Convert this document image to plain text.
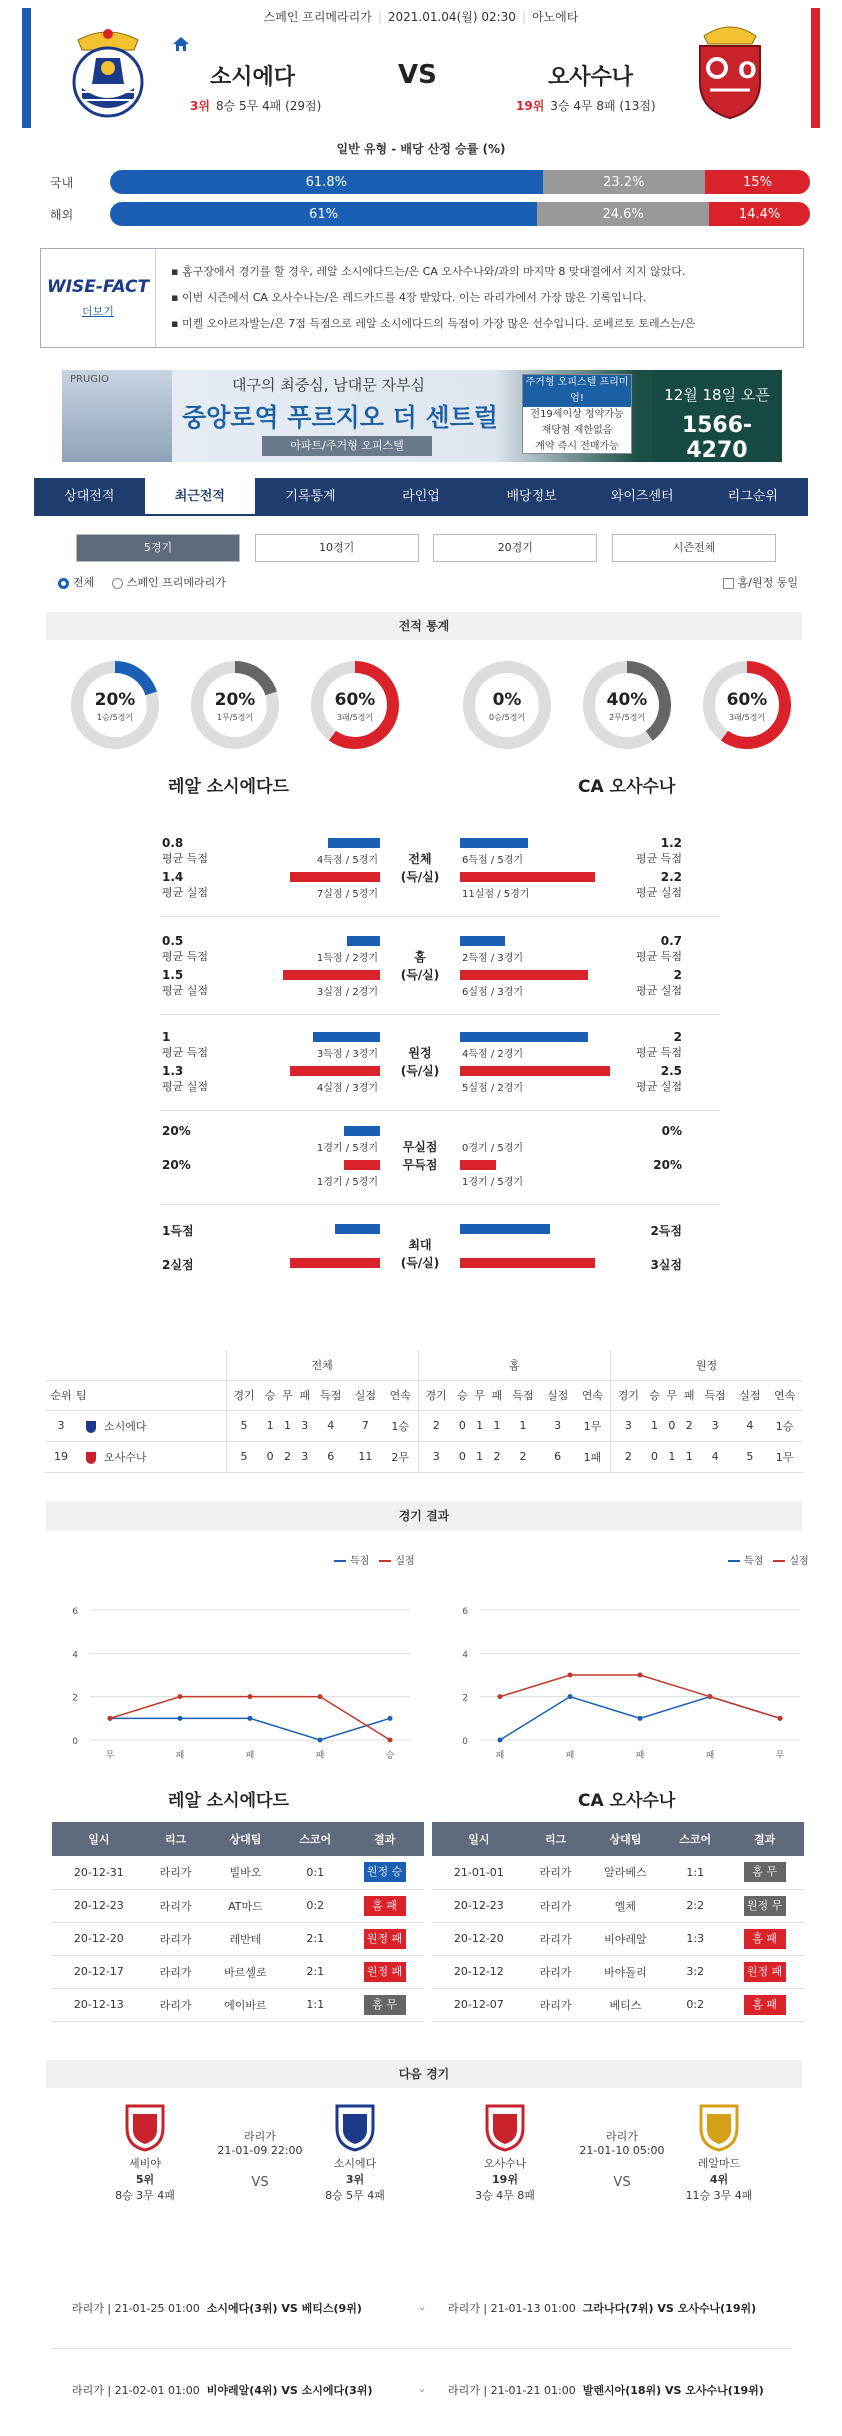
스페인 프리메라리가 | 2021.01.04(월) 02:30 | 아노에타
소시에다	VS	오사수나
3위 8승 5무 4패 (29점)	19위 3승 4무 8패 (13점)
O
일반 유형 - 배당 산정 승률 (%)
국내	61.8%	23.2%	15%
해외	61%	24.6%	14.4%
WISE-FACT
더보기
▪ 홈구장에서 경기를 할 경우, 레알 소시에다드는/은 CA 오사수나와/과의 마지막 8 맞대결에서 지지 않았다.
▪ 이번 시즌에서 CA 오사수나는/은 레드카드를 4장 받았다. 이는 라리가에서 가장 많은 기록입니다.
▪ 미켈 오야르자발는/은 7점 득점으로 레알 소시에다드의 득점이 가장 많은 선수입니다. 로베르토 토레스는/은
PRUGIO	대구의 최중심, 남대문 자부심
중앙로역 푸르지오 더 센트럴
아파트/주거형 오피스텔
주거형 오피스텔 프리미엄!
전19세이상 청약가능
재당첨 제한없음
계약 즉시 전매가능
12월 18일 오픈
1566-4270
상대전적	최근전적	기록통계	라인업	배당정보	와이즈센터	리그순위
5경기	10경기	20경기	시즌전체
전체	스페인 프리메라리가	홈/원정 동일
전적 통계
20%
1승/5경기
20%
1무/5경기
60%
3패/5경기
0%
0승/5경기
40%
2무/5경기
60%
3패/5경기
레알 소시에다드	CA 오사수나
전체
(득/실)
0.8
평균 득점
1.2
평균 득점
4득점 / 5경기	6득점 / 5경기
1.4
평균 실점
2.2
평균 실점
7실점 / 5경기	11실점 / 5경기
홈
(득/실)
0.5
평균 득점
0.7
평균 득점
1득점 / 2경기	2득점 / 3경기
1.5
평균 실점
2
평균 실점
3실점 / 2경기	6실점 / 3경기
원정
(득/실)
1
평균 득점
2
평균 득점
3득점 / 3경기	4득점 / 2경기
1.3
평균 실점
2.5
평균 실점
4실점 / 3경기	5실점 / 2경기
무실점
무득점
20%	0%
1경기 / 5경기	0경기 / 5경기
20%	20%
1경기 / 5경기	1경기 / 5경기
최대
(득/실)
1득점	2득점
2실점	3실점
		전체							홈							원정						
순위	팀	경기	승	무	패	득점	실점	연속	경기	승	무	패	득점	실점	연속	경기	승	무	패	득점	실점	연속
3	소시에다	5	1	1	3	4	7	1승	2	0	1	1	1	3	1무	3	1	0	2	3	4	1승
19	오사수나	5	0	2	3	6	11	2무	3	0	1	2	2	6	1패	2	0	1	1	4	5	1무
경기 결과
득점	실점	득점	실점
0
2
4
6
무	패	패	패	승
0
2
4
6
패	패	패	패	무
레알 소시에다드	CA 오사수나
일시	리그	상대팀	스코어	결과
20-12-31	라리가	빌바오	0:1	원정 승
20-12-23	라리가	AT마드	0:2	홈 패
20-12-20	라리가	레반테	2:1	원정 패
20-12-17	라리가	바르셀로	2:1	원정 패
20-12-13	라리가	에이바르	1:1	홈 무
일시	리그	상대팀	스코어	결과
21-01-01	라리가	알라베스	1:1	홈 무
20-12-23	라리가	엘체	2:2	원정 무
20-12-20	라리가	비야레알	1:3	홈 패
20-12-12	라리가	바야돌리	3:2	원정 패
20-12-07	라리가	베티스	0:2	홈 패
다음 경기
세비야
5위
8승 3무 4패
소시에다
3위
8승 5무 4패
라리가
21-01-09 22:00
VS
오사수나
19위
3승 4무 8패
레알마드
4위
11승 3무 4패
라리가
21-01-10 05:00
VS
라리가 | 21-01-25 01:00 소시에다(3위) VS 베티스(9위)	⌄ 라리가 | 21-01-13 01:00 그라나다(7위) VS 오사수나(19위)
라리가 | 21-02-01 01:00 비야레알(4위) VS 소시에다(3위)	⌄ 라리가 | 21-01-21 01:00 발렌시아(18위) VS 오사수나(19위)
